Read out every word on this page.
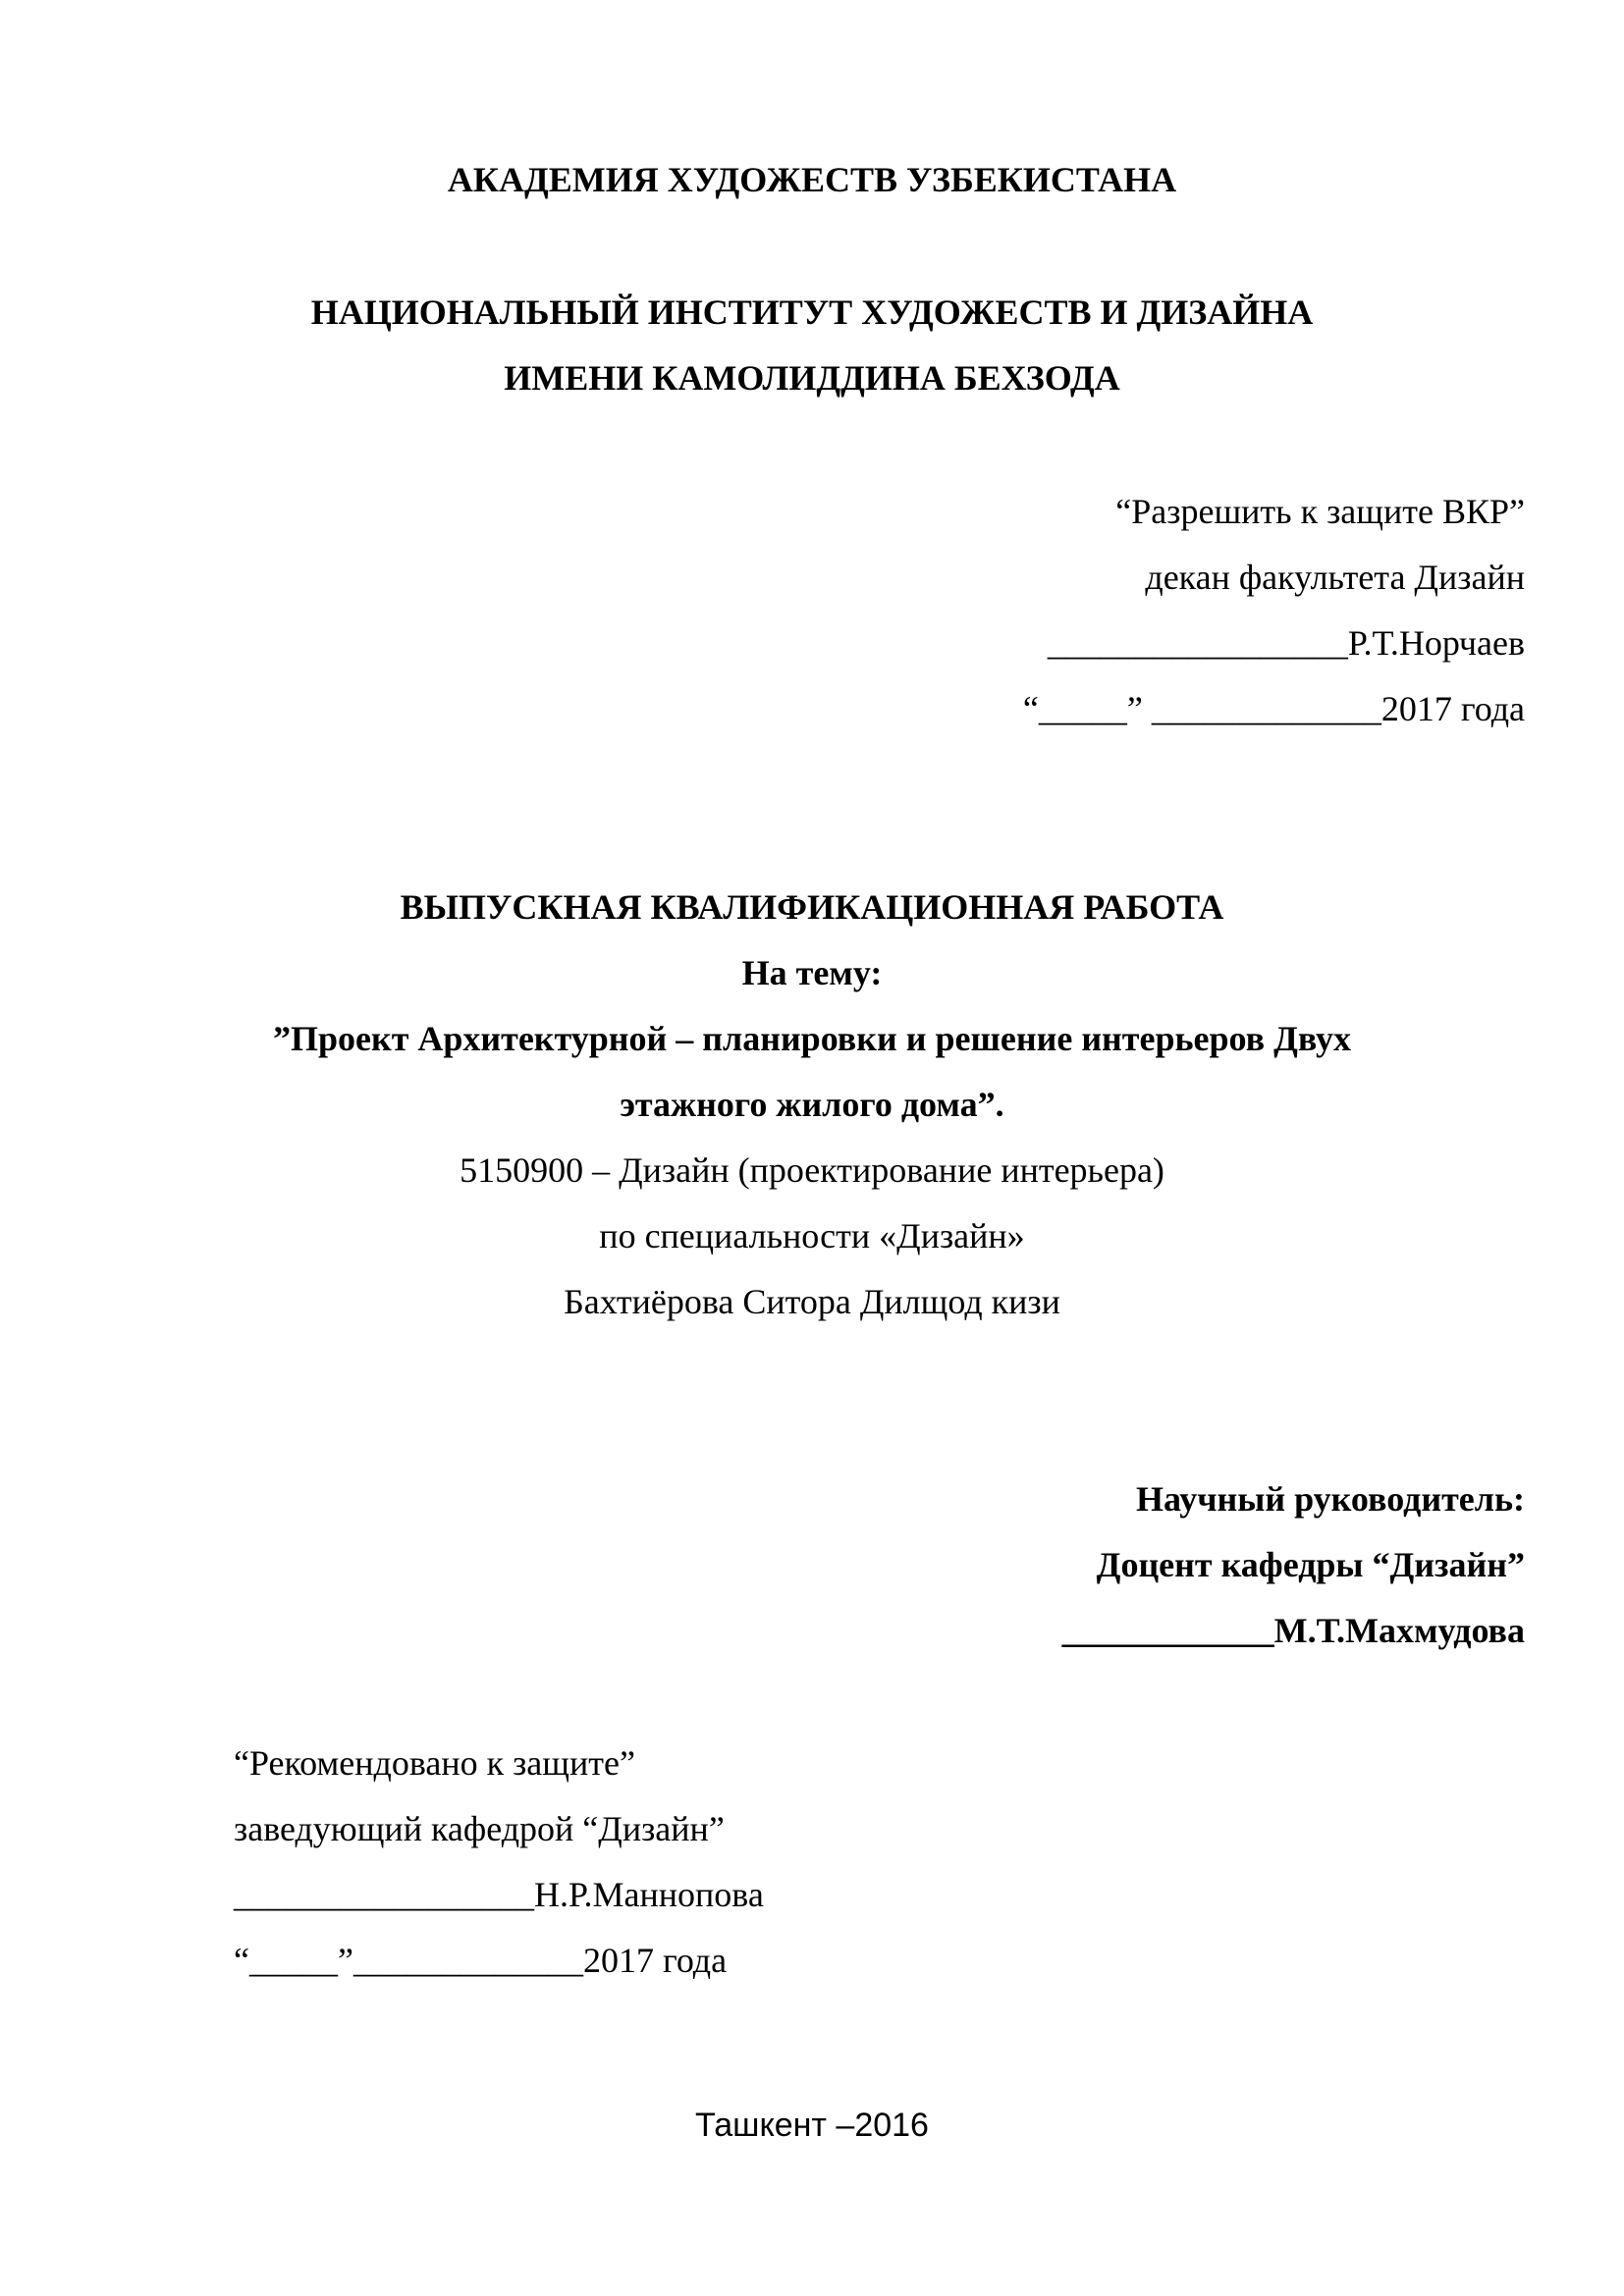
АКАДЕМИЯ ХУДОЖЕСТВ УЗБЕКИСТАНА
НАЦИОНАЛЬНЫЙ ИНСТИТУТ ХУДОЖЕСТВ И ДИЗАЙНА
ИМЕНИ КАМОЛИДДИНА БЕХЗОДА
“Разрешить к защите ВКР”
декан факультета Дизайн
_________________Р.Т.Норчаев
“_____” _____________2017 года
ВЫПУСКНАЯ КВАЛИФИКАЦИОННАЯ РАБОТА
На тему:
”Проект Архитектурной – планировки и решение интерьеров Двух
этажного жилого дома”.
5150900 – Дизайн (проектирование интерьера)
по специальности «Дизайн»
Бахтиёрова Ситора Дилщод кизи
Научный руководитель:
Доцент кафедры “Дизайн”
____________М.Т.Махмудова
“Рекомендовано к защите”
заведующий кафедрой “Дизайн”
_________________Н.Р.Маннопова
“_____”_____________2017 года
Ташкент –2016
